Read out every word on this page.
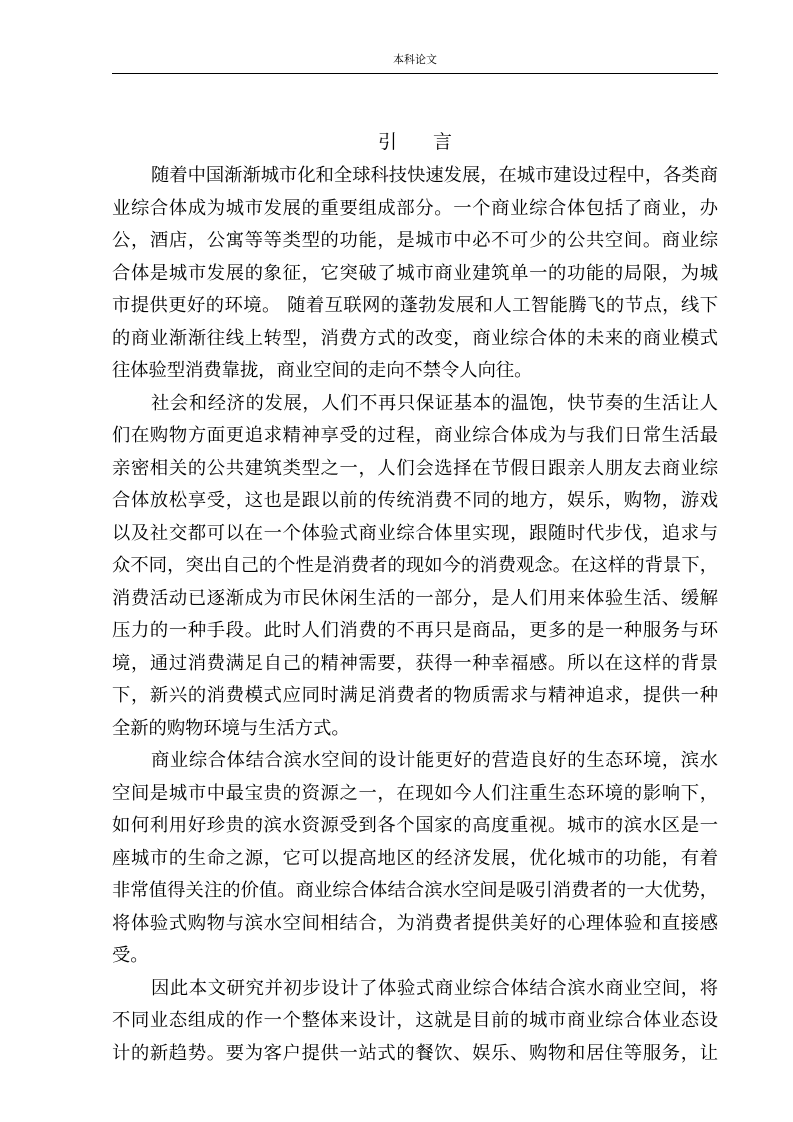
本科论文
引言
随着中国渐渐城市化和全球科技快速发展，在城市建设过程中，各类商
业综合体成为城市发展的重要组成部分。一个商业综合体包括了商业，办
公，酒店，公寓等等类型的功能，是城市中必不可少的公共空间。商业综
合体是城市发展的象征，它突破了城市商业建筑单一的功能的局限，为城
市提供更好的环境。 随着互联网的蓬勃发展和人工智能腾飞的节点，线下
的商业渐渐往线上转型，消费方式的改变，商业综合体的未来的商业模式
往体验型消费靠拢，商业空间的走向不禁令人向往。
社会和经济的发展，人们不再只保证基本的温饱，快节奏的生活让人
们在购物方面更追求精神享受的过程，商业综合体成为与我们日常生活最
亲密相关的公共建筑类型之一，人们会选择在节假日跟亲人朋友去商业综
合体放松享受，这也是跟以前的传统消费不同的地方，娱乐，购物，游戏
以及社交都可以在一个体验式商业综合体里实现，跟随时代步伐，追求与
众不同，突出自己的个性是消费者的现如今的消费观念。在这样的背景下，
消费活动已逐渐成为市民休闲生活的一部分，是人们用来体验生活、缓解
压力的一种手段。此时人们消费的不再只是商品，更多的是一种服务与环
境，通过消费满足自己的精神需要，获得一种幸福感。所以在这样的背景
下，新兴的消费模式应同时满足消费者的物质需求与精神追求，提供一种
全新的购物环境与生活方式。
商业综合体结合滨水空间的设计能更好的营造良好的生态环境，滨水
空间是城市中最宝贵的资源之一，在现如今人们注重生态环境的影响下，
如何利用好珍贵的滨水资源受到各个国家的高度重视。城市的滨水区是一
座城市的生命之源，它可以提高地区的经济发展，优化城市的功能，有着
非常值得关注的价值。商业综合体结合滨水空间是吸引消费者的一大优势，
将体验式购物与滨水空间相结合，为消费者提供美好的心理体验和直接感
受。
因此本文研究并初步设计了体验式商业综合体结合滨水商业空间，将
不同业态组成的作一个整体来设计，这就是目前的城市商业综合体业态设
计的新趋势。要为客户提供一站式的餐饮、娱乐、购物和居住等服务，让
